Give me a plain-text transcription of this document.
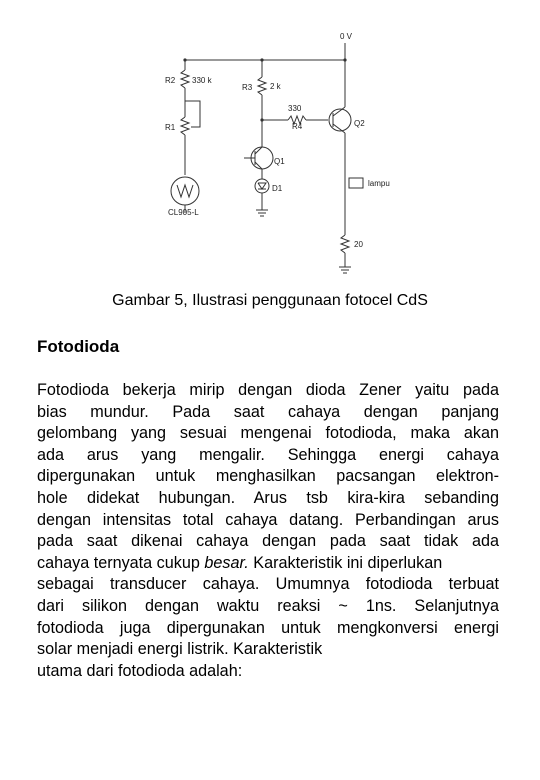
0 V
R2 330 k
R1
R3 2 k
330
R4	Q2
Q1
D1
CL905-L
lampu
20
Gambar 5, Ilustrasi penggunaan fotocel CdS
Fotodioda
Fotodioda bekerja mirip dengan dioda Zener yaitu pada
bias mundur. Pada saat cahaya dengan panjang
gelombang yang sesuai mengenai fotodioda, maka akan
ada arus yang mengalir. Sehingga energi cahaya
dipergunakan untuk menghasilkan pacsangan elektron-
hole didekat hubungan. Arus tsb kira-kira sebanding
dengan intensitas total cahaya datang. Perbandingan arus
pada saat dikenai cahaya dengan pada saat tidak ada
cahaya ternyata cukup besar. Karakteristik ini diperlukan
sebagai transducer cahaya. Umumnya fotodioda terbuat
dari silikon dengan waktu reaksi ~ 1ns. Selanjutnya
fotodioda juga dipergunakan untuk mengkonversi energi
solar menjadi energi listrik. Karakteristik
utama dari fotodioda adalah:
